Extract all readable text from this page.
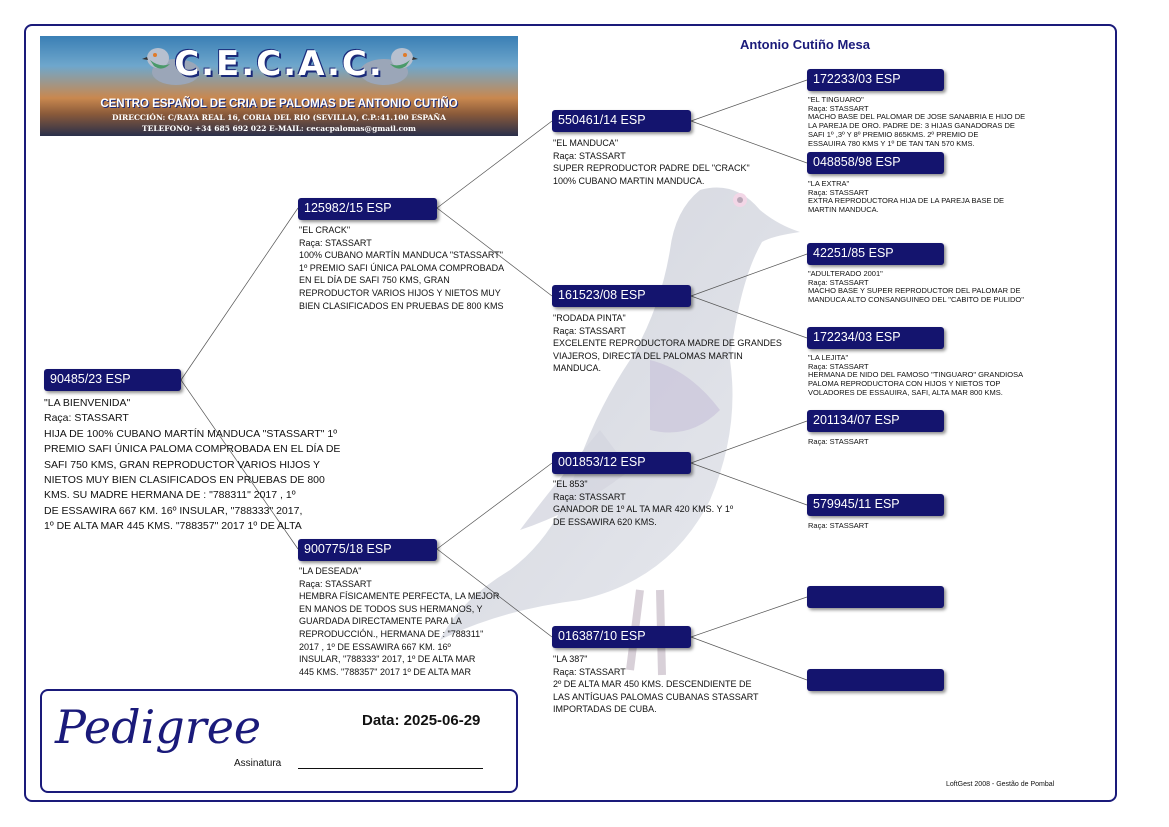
C.E.C.A.C.
CENTRO ESPAÑOL DE CRIA DE PALOMAS DE ANTONIO CUTIÑO
DIRECCIÓN: C/RAYA REAL 16, CORIA DEL RIO (SEVILLA), C.P.:41.100 ESPAÑA
TELEFONO: +34 685 692 022 E-MAIL: cecacpalomas@gmail.com
Antonio Cutiño Mesa
90485/23 ESP
"LA BIENVENIDA"
Raça: STASSART
HIJA DE 100% CUBANO MARTÍN MANDUCA "STASSART" 1º
PREMIO SAFI ÚNICA PALOMA COMPROBADA EN EL DÍA DE
SAFI 750 KMS, GRAN REPRODUCTOR VARIOS HIJOS Y
NIETOS MUY BIEN CLASIFICADOS EN PRUEBAS DE 800
KMS. SU MADRE HERMANA DE : "788311" 2017 , 1º
DE ESSAWIRA 667 KM. 16º INSULAR, "788333" 2017,
1º DE ALTA MAR 445 KMS. "788357" 2017 1º DE ALTA
125982/15 ESP
"EL CRACK"
Raça: STASSART
100% CUBANO MARTÍN MANDUCA "STASSART"
1º PREMIO SAFI ÚNICA PALOMA COMPROBADA
EN EL DÍA DE SAFI 750 KMS, GRAN
REPRODUCTOR VARIOS HIJOS Y NIETOS MUY
BIEN CLASIFICADOS EN PRUEBAS DE 800 KMS
900775/18 ESP
"LA DESEADA"
Raça: STASSART
HEMBRA FÍSICAMENTE PERFECTA, LA MEJOR
EN MANOS DE TODOS SUS HERMANOS, Y
GUARDADA DIRECTAMENTE PARA LA
REPRODUCCIÓN., HERMANA DE : "788311"
2017 , 1º DE ESSAWIRA 667 KM. 16º
INSULAR, "788333" 2017, 1º DE ALTA MAR
445 KMS. "788357" 2017 1º DE ALTA MAR
550461/14 ESP
"EL MANDUCA"
Raça: STASSART
SUPER REPRODUCTOR PADRE DEL "CRACK"
100% CUBANO MARTIN MANDUCA.
161523/08 ESP
"RODADA PINTA"
Raça: STASSART
EXCELENTE REPRODUCTORA MADRE DE GRANDES
VIAJEROS, DIRECTA DEL PALOMAS MARTIN
MANDUCA.
001853/12 ESP
"EL 853"
Raça: STASSART
GANADOR DE 1º AL TA MAR 420 KMS. Y 1º
DE ESSAWIRA 620 KMS.
016387/10 ESP
"LA 387"
Raça: STASSART
2º DE ALTA MAR 450 KMS. DESCENDIENTE DE
LAS ANTÍGUAS PALOMAS CUBANAS STASSART
IMPORTADAS DE CUBA.
172233/03 ESP
"EL TINGUARO"
Raça: STASSART
MACHO BASE DEL PALOMAR DE JOSE SANABRIA E HIJO DE
LA PAREJA DE ORO. PADRE DE: 3 HIJAS GANADORAS DE
SAFI 1º ,3º Y 8º PREMIO 865KMS. 2º PREMIO DE
ESSAUIRA 780 KMS Y 1º DE TAN TAN 570 KMS.
048858/98 ESP
"LA EXTRA"
Raça: STASSART
EXTRA REPRODUCTORA HIJA DE LA PAREJA BASE DE
MARTIN MANDUCA.
42251/85 ESP
"ADULTERADO 2001"
Raça: STASSART
MACHO BASE Y SUPER REPRODUCTOR DEL PALOMAR DE
MANDUCA ALTO CONSANGUINEO DEL "CABITO DE PULIDO"
172234/03 ESP
"LA LEJITA"
Raça: STASSART
HERMANA DE NIDO DEL FAMOSO "TINGUARO" GRANDIOSA
PALOMA REPRODUCTORA CON HIJOS Y NIETOS TOP
VOLADORES DE ESSAUIRA, SAFI, ALTA MAR 800 KMS.
201134/07 ESP
Raça: STASSART
579945/11 ESP
Raça: STASSART
Pedigree	Data: 2025-06-29
Assinatura
LoftGest 2008 - Gestão de Pombal
